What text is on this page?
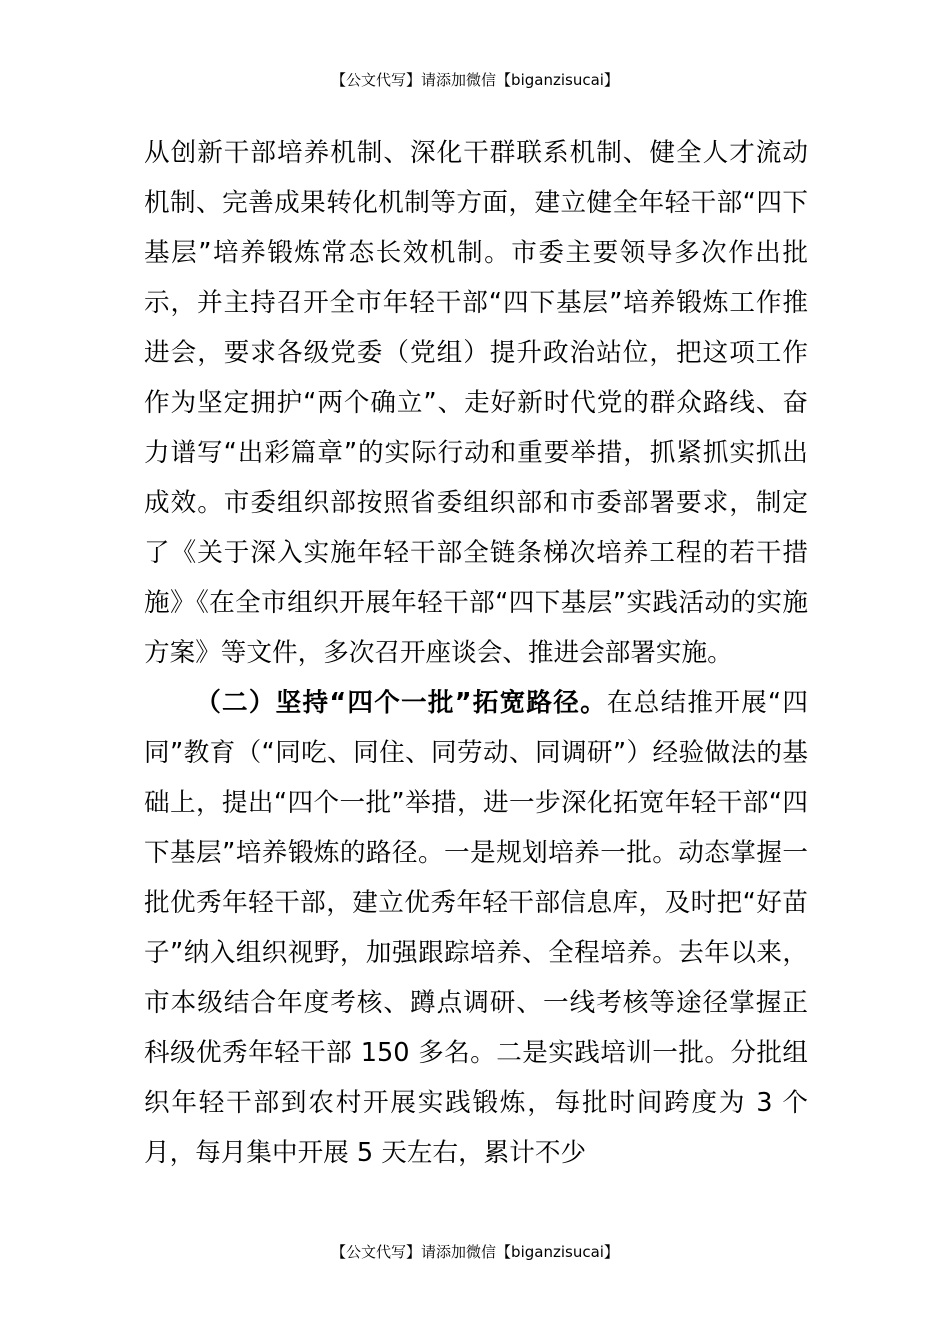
【公文代写】请添加微信【biganzisucai】

从创新干部培养机制、深化干群联系机制、健全人才流动机制、完善成果转化机制等方面，建立健全年轻干部“四下基层”培养锻炼常态长效机制。市委主要领导多次作出批示，并主持召开全市年轻干部“四下基层”培养锻炼工作推进会，要求各级党委（党组）提升政治站位，把这项工作作为坚定拥护“两个确立”、走好新时代党的群众路线、奋力谱写“出彩篇章”的实际行动和重要举措，抓紧抓实抓出成效。市委组织部按照省委组织部和市委部署要求，制定了《关于深入实施年轻干部全链条梯次培养工程的若干措施》《在全市组织开展年轻干部“四下基层”实践活动的实施方案》等文件，多次召开座谈会、推进会部署实施。

（二）坚持“四个一批”拓宽路径。在总结推开展“四同”教育（“同吃、同住、同劳动、同调研”）经验做法的基础上，提出“四个一批”举措，进一步深化拓宽年轻干部“四下基层”培养锻炼的路径。一是规划培养一批。动态掌握一批优秀年轻干部，建立优秀年轻干部信息库，及时把“好苗子”纳入组织视野，加强跟踪培养、全程培养。去年以来，市本级结合年度考核、蹲点调研、一线考核等途径掌握正科级优秀年轻干部 150 多名。二是实践培训一批。分批组织年轻干部到农村开展实践锻炼，每批时间跨度为 3 个月，每月集中开展 5 天左右，累计不少

【公文代写】请添加微信【biganzisucai】
